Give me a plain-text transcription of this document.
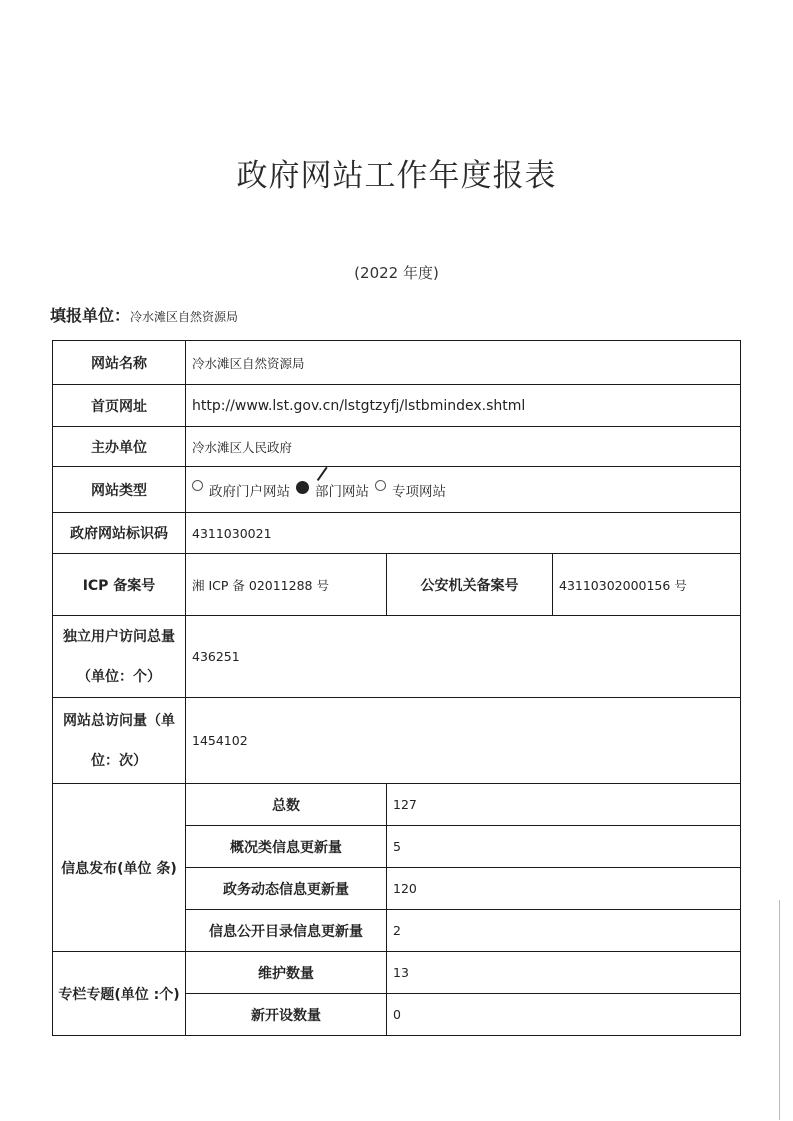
政府网站工作年度报表
(2022 年度)
填报单位：冷水滩区自然资源局
网站名称	冷水滩区自然资源局		
首页网址	http://www.lst.gov.cn/lstgtzyfj/lstbmindex.shtml		
主办单位	冷水滩区人民政府		
网站类型	政府门户网站 部门网站 专项网站		

政府网站标识码	4311030021		
ICP 备案号	湘 ICP 备 02011288 号	公安机关备案号	43110302000156 号
独立用户访问总量（单位：个）	436251		
网站总访问量（单位：次）	1454102		
信息发布(单位 条)	总数	127	
	概况类信息更新量	5	
	政务动态信息更新量	120	
	信息公开目录信息更新量	2	
专栏专题(单位 :个)	维护数量	13	
	新开设数量	0	
